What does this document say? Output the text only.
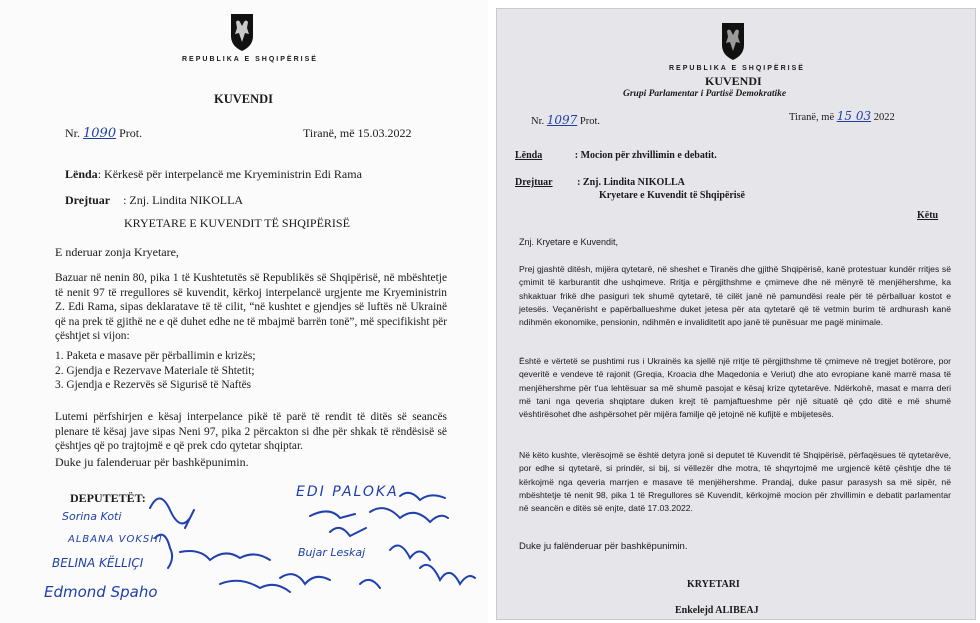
REPUBLIKA E SHQIPËRISË
KUVENDI
Nr. 1090 Prot.	Tiranë, më 15.03.2022
Lënda: Kërkesë për interpelancë me Kryeministrin Edi Rama
Drejtuar : Znj. Lindita NIKOLLA
KRYETARE E KUVENDIT TË SHQIPËRISË
E nderuar zonja Kryetare,
Bazuar në nenin 80, pika 1 të Kushtetutës së Republikës së Shqipërisë, në mbështetje të nenit 97 të rregullores së kuvendit, kërkoj interpelancë urgjente me Kryeministrin Z. Edi Rama, sipas deklaratave të të cilit, “në kushtet e gjendjes së luftës në Ukrainë që na prek të gjithë ne e që duhet edhe ne të mbajmë barrën tonë”, më specifikisht për çështjet si vijon:
1. Paketa e masave për përballimin e krizës;
2. Gjendja e Rezervave Materiale të Shtetit;
3. Gjendja e Rezervës së Sigurisë të Naftës
Lutemi përfshirjen e kësaj interpelance pikë të parë të rendit të ditës së seancës plenare të kësaj jave sipas Neni 97, pika 2 përcakton si dhe për shkak të rëndësisë së çështjes që po trajtojmë e që prek cdo qytetar shqiptar.
Duke ju falenderuar për bashkëpunimin.
DEPUTETËT:	EDI PALOKA
Sorina Koti
ALBANA VOKSHI
BELINA KËLLIÇI
Edmond Spaho
Bujar Leskaj
REPUBLIKA E SHQIPËRISË
KUVENDI
Grupi Parlamentar i Partisë Demokratike
Nr. 1097 Prot.	Tiranë, më 15 03 2022
Lënda	: Mocion për zhvillimin e debatit.
Drejtuar : Znj. Lindita NIKOLLA
Kryetare e Kuvendit të Shqipërisë
Këtu
Znj. Kryetare e Kuvendit,
Prej gjashtë ditësh, mijëra qytetarë, në sheshet e Tiranës dhe gjithë Shqipërisë, kanë protestuar kundër rritjes së çmimit të karburantit dhe ushqimeve. Rritja e përgjithshme e çmimeve dhe në mënyrë të menjëhershme, ka shkaktuar frikë dhe pasiguri tek shumë qytetarë, të cilët janë në pamundësi reale për të përballuar kostot e jetesës. Veçanërisht e papërballueshme duket jetesa për ata qytetarë që të vetmin burim të ardhurash kanë ndihmën ekonomike, pensionin, ndihmën e invaliditetit apo janë të punësuar me pagë minimale.
Është e vërtetë se pushtimi rus i Ukrainës ka sjellë një rritje të përgjithshme të çmimeve në tregjet botërore, por qeveritë e vendeve të rajonit (Greqia, Kroacia dhe Maqedonia e Veriut) dhe ato evropiane kanë marrë masa të menjëhershme për t'ua lehtësuar sa më shumë pasojat e kësaj krize qytetarëve. Ndërkohë, masat e marra deri më tani nga qeveria shqiptare duken krejt të pamjaftueshme për një situatë që çdo ditë e më shumë vështirësohet dhe ashpërsohet për mijëra familje që jetojnë në kufijtë e mbijetesës.
Në këto kushte, vlerësojmë se është detyra jonë si deputet të Kuvendit të Shqipërisë, përfaqësues të qytetarëve, por edhe si qytetarë, si prindër, si bij, si vëllezër dhe motra, të shqyrtojmë me urgjencë këtë çështje dhe të kërkojmë nga qeveria marrjen e masave të menjëhershme. Prandaj, duke pasur parasysh sa më sipër, në mbështetje të nenit 98, pika 1 të Rregullores së Kuvendit, kërkojmë mocion për zhvillimin e debatit parlamentar në seancën e ditës së enjte, datë 17.03.2022.
Duke ju falënderuar për bashkëpunimin.
KRYETARI
Enkelejd ALIBEAJ
